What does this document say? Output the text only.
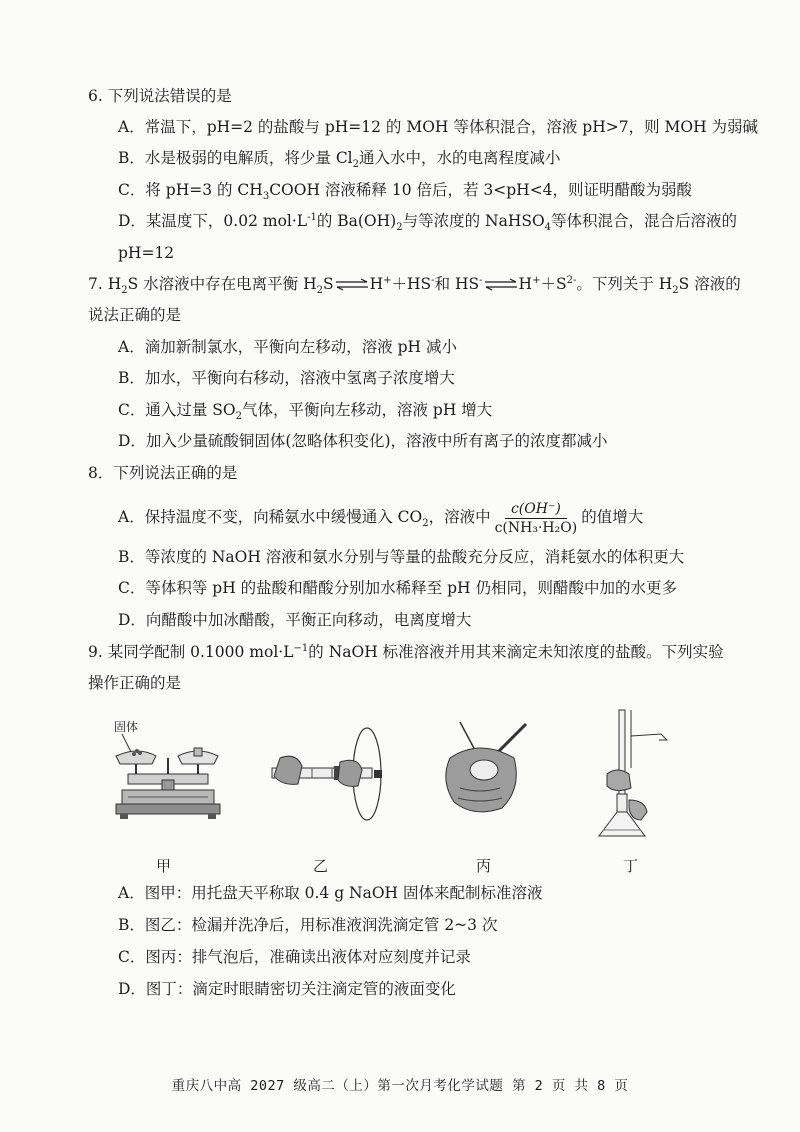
6. 下列说法错误的是
A．常温下，pH=2 的盐酸与 pH=12 的 MOH 等体积混合，溶液 pH>7，则 MOH 为弱碱
B．水是极弱的电解质，将少量 $Cl_2$通入水中，水的电离程度减小
C．将 pH=3 的 $CH_3COOH$ 溶液稀释 10 倍后，若 3<pH<4，则证明醋酸为弱酸
D．某温度下，0.02 $mol\cdot L^{-1}$的 $Ba(OH)_2$与等浓度的 NaHSO$_4$等体积混合，混合后溶液的
pH=12
7. $H_2S$ 水溶液中存在电离平衡 $H_2S\rightleftharpoons H^++HS^-$和 $HS^-\rightleftharpoons H^++S^{2-}$。下列关于 $H_2S$ 溶液的
说法正确的是
A．滴加新制氯水，平衡向左移动，溶液 pH 减小
B．加水，平衡向右移动，溶液中氢离子浓度增大
C．通入过量 $SO_2$气体，平衡向左移动，溶液 pH 增大
D．加入少量硫酸铜固体(忽略体积变化)，溶液中所有离子的浓度都减小
8．下列说法正确的是
A．保持温度不变，向稀氨水中缓慢通入 $CO_2$，溶液中 $\frac{c(OH^-)}{\text{c(NH₃·H₂O)}}$ 的值增大
B．等浓度的 NaOH 溶液和氨水分别与等量的盐酸充分反应，消耗氨水的体积更大
C．等体积等 pH 的盐酸和醋酸分别加水稀释至 pH 仍相同，则醋酸中加的水更多
D．向醋酸中加冰醋酸，平衡正向移动，电离度增大
9. 某同学配制 0.1000 $mol\cdot L^{-1}$的 NaOH 标准溶液并用其来滴定未知浓度的盐酸。下列实验
操作正确的是
固体
甲	乙	丙	丁
A．图甲：用托盘天平称取 0.4 g NaOH 固体来配制标准溶液
B．图乙：检漏并洗净后，用标准液润洗滴定管 2~3 次
C．图丙：排气泡后，准确读出液体对应刻度并记录
D．图丁：滴定时眼睛密切关注滴定管的液面变化
重庆八中高 2027 级高二（上）第一次月考化学试题 第 2 页 共 8 页
